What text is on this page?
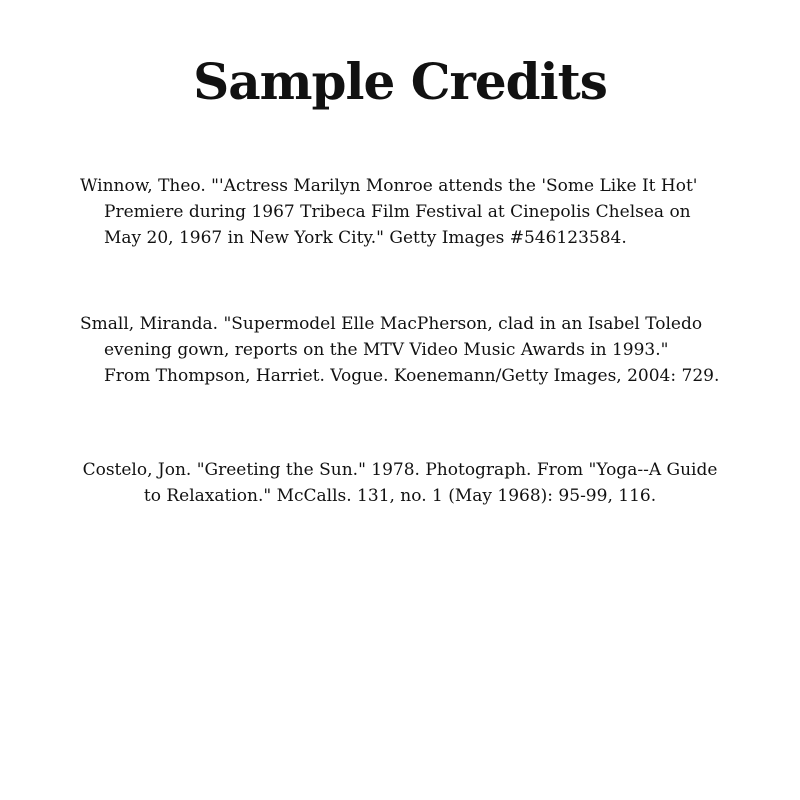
Sample Credits

Winnow, Theo. "'Actress Marilyn Monroe attends the 'Some Like It Hot' Premiere during 1967 Tribeca Film Festival at Cinepolis Chelsea on May 20, 1967 in New York City." Getty Images #546123584.

Small, Miranda. "Supermodel Elle MacPherson, clad in an Isabel Toledo evening gown, reports on the MTV Video Music Awards in 1993." From Thompson, Harriet. Vogue. Koenemann/Getty Images, 2004: 729.

Costelo, Jon. "Greeting the Sun." 1978. Photograph. From "Yoga--A Guide to Relaxation." McCalls. 131, no. 1 (May 1968): 95-99, 116.
